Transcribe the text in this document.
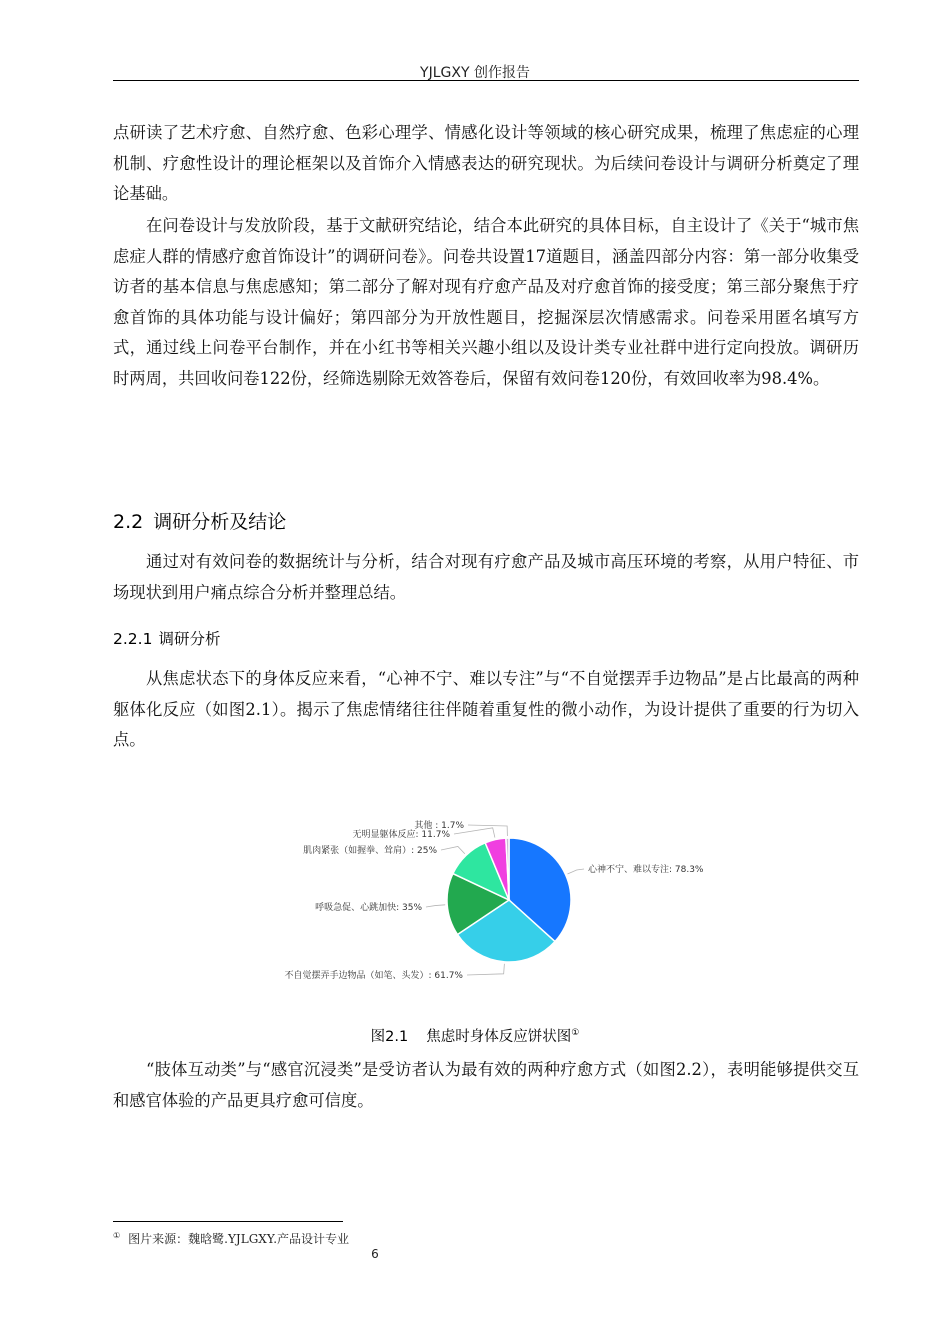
YJLGXY 创作报告

点研读了艺术疗愈、自然疗愈、色彩心理学、情感化设计等领域的核心研究成果，梳理了焦虑症的心理机制、疗愈性设计的理论框架以及首饰介入情感表达的研究现状。为后续问卷设计与调研分析奠定了理论基础。

在问卷设计与发放阶段，基于文献研究结论，结合本此研究的具体目标，自主设计了《关于“城市焦虑症人群的情感疗愈首饰设计”的调研问卷》。问卷共设置17道题目，涵盖四部分内容：第一部分收集受访者的基本信息与焦虑感知；第二部分了解对现有疗愈产品及对疗愈首饰的接受度；第三部分聚焦于疗愈首饰的具体功能与设计偏好；第四部分为开放性题目，挖掘深层次情感需求。问卷采用匿名填写方式，通过线上问卷平台制作，并在小红书等相关兴趣小组以及设计类专业社群中进行定向投放。调研历时两周，共回收问卷122份，经筛选剔除无效答卷后，保留有效问卷120份，有效回收率为98.4%。

2.2 调研分析及结论

通过对有效问卷的数据统计与分析，结合对现有疗愈产品及城市高压环境的考察，从用户特征、市场现状到用户痛点综合分析并整理总结。

2.2.1 调研分析

从焦虑状态下的身体反应来看，“心神不宁、难以专注”与“不自觉摆弄手边物品”是占比最高的两种躯体化反应（如图2.1）。揭示了焦虑情绪往往伴随着重复性的微小动作，为设计提供了重要的行为切入点。

心神不宁、难以专注: 78.3%
不自觉摆弄手边物品（如笔、头发）: 61.7%
呼吸急促、心跳加快: 35%
肌肉紧张（如握拳、耸肩）: 25%
无明显躯体反应: 11.7%
其他 : 1.7%
图2.1 焦虑时身体反应饼状图①

“肢体互动类”与“感官沉浸类”是受访者认为最有效的两种疗愈方式（如图2.2），表明能够提供交互和感官体验的产品更具疗愈可信度。

① 图片来源：魏晗鹭.YJLGXY.产品设计专业
6
